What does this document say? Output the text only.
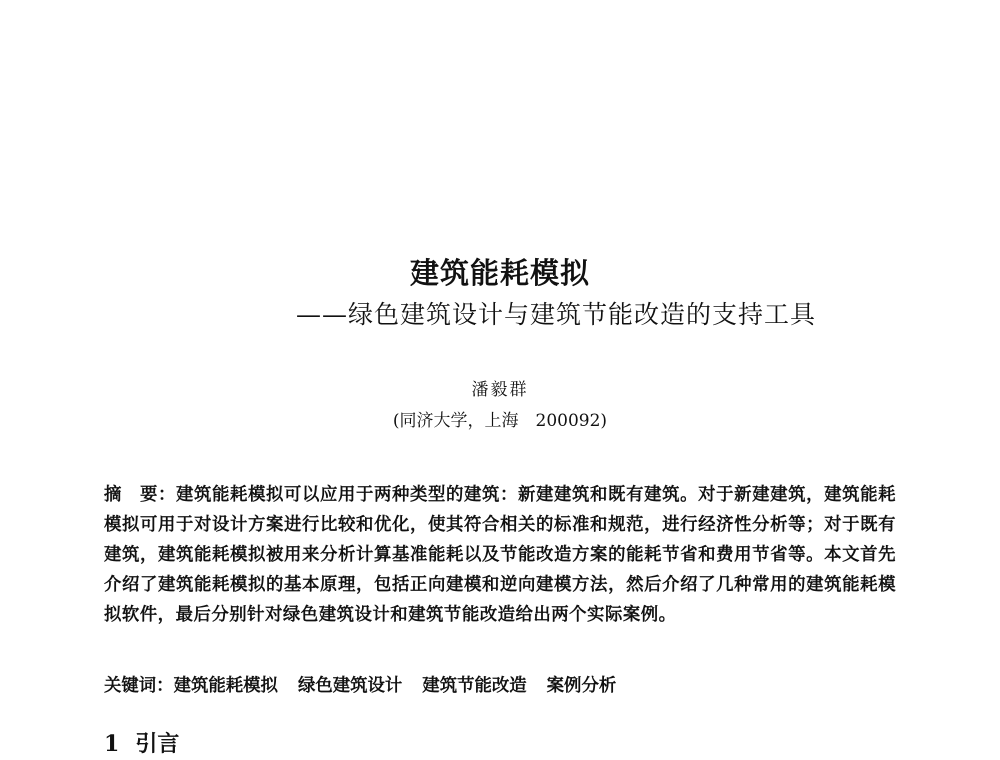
建筑能耗模拟
——绿色建筑设计与建筑节能改造的支持工具
潘毅群
(同济大学，上海　200092)
摘　要：建筑能耗模拟可以应用于两种类型的建筑：新建建筑和既有建筑。对于新建建筑，建筑能耗模拟可用于对设计方案进行比较和优化，使其符合相关的标准和规范，进行经济性分析等；对于既有建筑，建筑能耗模拟被用来分析计算基准能耗以及节能改造方案的能耗节省和费用节省等。本文首先介绍了建筑能耗模拟的基本原理，包括正向建模和逆向建模方法，然后介绍了几种常用的建筑能耗模拟软件，最后分别针对绿色建筑设计和建筑节能改造给出两个实际案例。
关键词：建筑能耗模拟 绿色建筑设计 建筑节能改造 案例分析
1 引言
